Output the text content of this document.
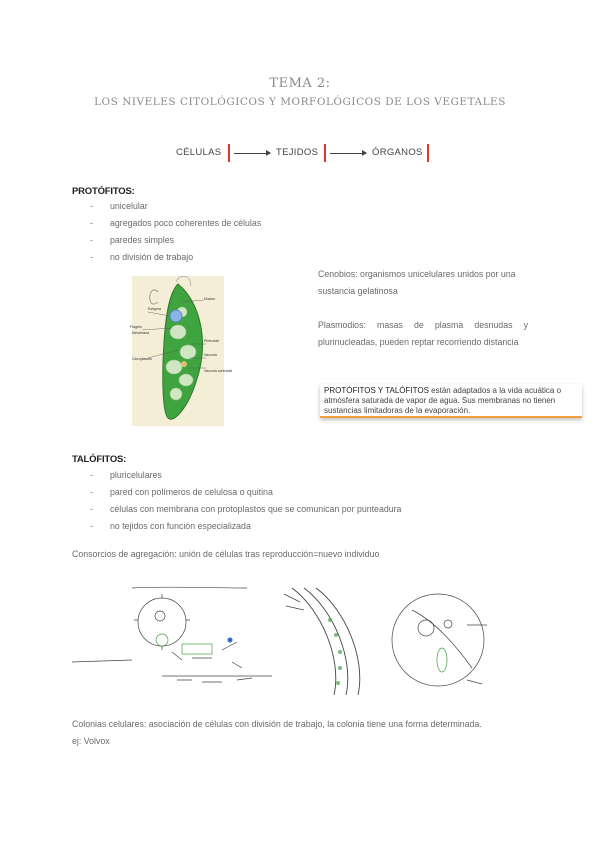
TEMA 2:
LOS NIVELES CITOLÓGICOS Y MORFOLÓGICOS DE LOS VEGETALES
CÉLULAS	TEJIDOS	ÓRGANOS
PROTÓFITOS:
- unicelular
- agregados poco coherentes de células
- paredes simples
- no división de trabajo
Núcleo
Estigma
Cloroplastos
Flagelo
Pirenoide
Vacuola
Vacuola contráctil
Membrana
Cenobios: organismos unicelulares unidos por una sustancia gelatinosa
Plasmodios: masas de plasma desnudas y plurinucleadas, pueden reptar recorriendo distancia
PROTÓFITOS Y TALÓFITOS están adaptados a la vida acuática o atmósfera saturada de vapor de agua. Sus membranas no tienen sustancias limitadoras de la evaporación.
TALÓFITOS:
- pluricelulares
- pared con polímeros de celulosa o quitina
- células con membrana con protoplastos que se comunican por punteadura
- no tejidos con función especializada
Consorcios de agregación: unión de células tras reproducción=nuevo individuo
Colonias celulares: asociación de células con división de trabajo, la colonia tiene una forma determinada.
ej: Volvox
